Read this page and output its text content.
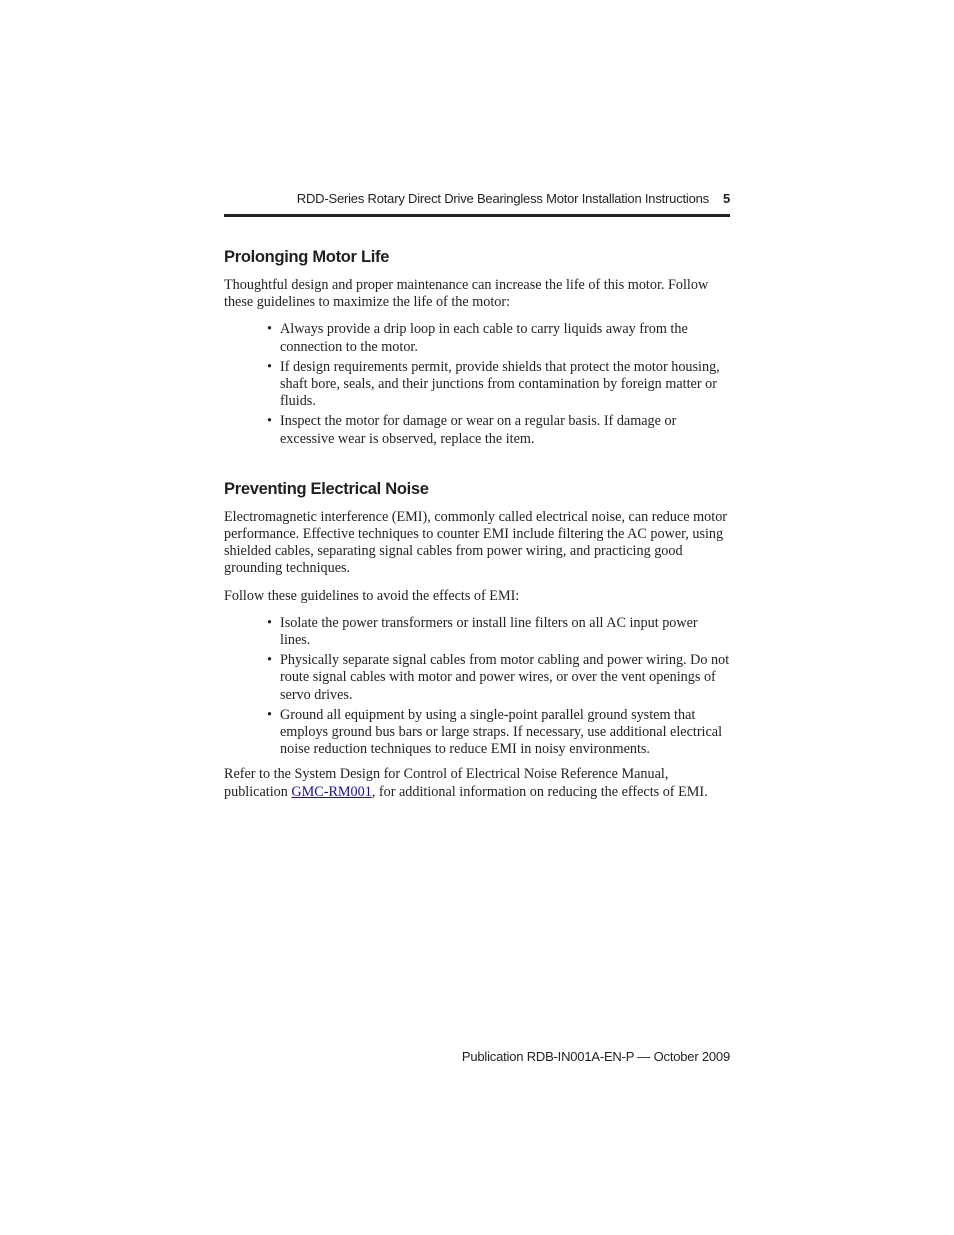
RDD-Series Rotary Direct Drive Bearingless Motor Installation Instructions 5
Prolonging Motor Life

Thoughtful design and proper maintenance can increase the life of this motor. Follow these guidelines to maximize the life of the motor:

• Always provide a drip loop in each cable to carry liquids away from the connection to the motor.
• If design requirements permit, provide shields that protect the motor housing, shaft bore, seals, and their junctions from contamination by foreign matter or fluids.
• Inspect the motor for damage or wear on a regular basis. If damage or excessive wear is observed, replace the item.
Preventing Electrical Noise

Electromagnetic interference (EMI), commonly called electrical noise, can reduce motor performance. Effective techniques to counter EMI include filtering the AC power, using shielded cables, separating signal cables from power wiring, and practicing good grounding techniques.

Follow these guidelines to avoid the effects of EMI:

• Isolate the power transformers or install line filters on all AC input power lines.
• Physically separate signal cables from motor cabling and power wiring. Do not route signal cables with motor and power wires, or over the vent openings of servo drives.
• Ground all equipment by using a single-point parallel ground system that employs ground bus bars or large straps. If necessary, use additional electrical noise reduction techniques to reduce EMI in noisy environments.

Refer to the System Design for Control of Electrical Noise Reference Manual, publication GMC-RM001, for additional information on reducing the effects of EMI.

Publication RDB-IN001A-EN-P — October 2009
